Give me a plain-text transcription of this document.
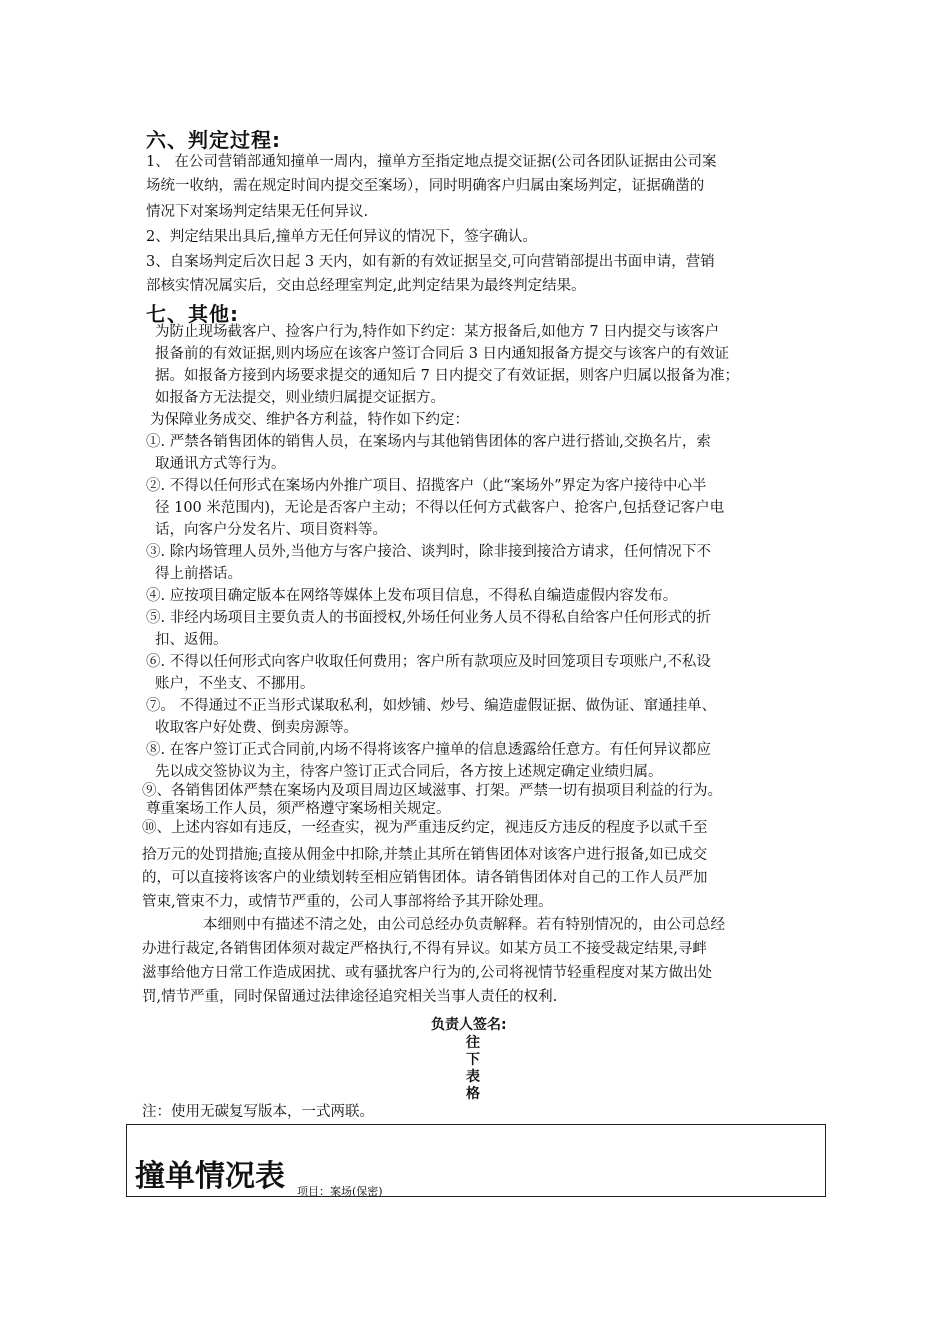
六、判定过程:
1、 在公司营销部通知撞单一周内，撞单方至指定地点提交证据(公司各团队证据由公司案
场统一收纳，需在规定时间内提交至案场），同时明确客户归属由案场判定，证据确凿的
情况下对案场判定结果无任何异议.
2、判定结果出具后,撞单方无任何异议的情况下，签字确认。
3、自案场判定后次日起 3 天内，如有新的有效证据呈交,可向营销部提出书面申请，营销
部核实情况属实后，交由总经理室判定,此判定结果为最终判定结果。
七、其他:
为防止现场截客户、捡客户行为,特作如下约定：某方报备后,如他方 7 日内提交与该客户
报备前的有效证据,则内场应在该客户签订合同后 3 日内通知报备方提交与该客户的有效证
据。如报备方接到内场要求提交的通知后 7 日内提交了有效证据，则客户归属以报备为准；
如报备方无法提交，则业绩归属提交证据方。
为保障业务成交、维护各方利益，特作如下约定：
①. 严禁各销售团体的销售人员，在案场内与其他销售团体的客户进行搭讪,交换名片，索
取通讯方式等行为。
②. 不得以任何形式在案场内外推广项目、招揽客户（此“案场外”界定为客户接待中心半
径 100 米范围内)，无论是否客户主动；不得以任何方式截客户、抢客户,包括登记客户电
话，向客户分发名片、项目资料等。
③. 除内场管理人员外,当他方与客户接洽、谈判时，除非接到接洽方请求，任何情况下不
得上前搭话。
④. 应按项目确定版本在网络等媒体上发布项目信息，不得私自编造虚假内容发布。
⑤. 非经内场项目主要负责人的书面授权,外场任何业务人员不得私自给客户任何形式的折
扣、返佣。
⑥. 不得以任何形式向客户收取任何费用；客户所有款项应及时回笼项目专项账户,不私设
账户，不坐支、不挪用。
⑦。 不得通过不正当形式谋取私利，如炒铺、炒号、编造虚假证据、做伪证、窜通挂单、
收取客户好处费、倒卖房源等。
⑧. 在客户签订正式合同前,内场不得将该客户撞单的信息透露给任意方。有任何异议都应
先以成交签协议为主，待客户签订正式合同后，各方按上述规定确定业绩归属。
⑨、各销售团体严禁在案场内及项目周边区域滋事、打架。严禁一切有损项目利益的行为。
尊重案场工作人员，须严格遵守案场相关规定。
⑩、上述内容如有违反，一经查实，视为严重违反约定，视违反方违反的程度予以贰千至
拾万元的处罚措施;直接从佣金中扣除,并禁止其所在销售团体对该客户进行报备,如已成交
的，可以直接将该客户的业绩划转至相应销售团体。请各销售团体对自己的工作人员严加
管束,管束不力，或情节严重的，公司人事部将给予其开除处理。
本细则中有描述不清之处，由公司总经办负责解释。若有特别情况的，由公司总经
办进行裁定,各销售团体须对裁定严格执行,不得有异议。如某方员工不接受裁定结果,寻衅
滋事给他方日常工作造成困扰、或有骚扰客户行为的,公司将视情节轻重程度对某方做出处
罚,情节严重，同时保留通过法律途径追究相关当事人责任的权利.
负责人签名:
往
下
表
格
注：使用无碳复写版本，一式两联。
撞单情况表 项目：案场(保密)
